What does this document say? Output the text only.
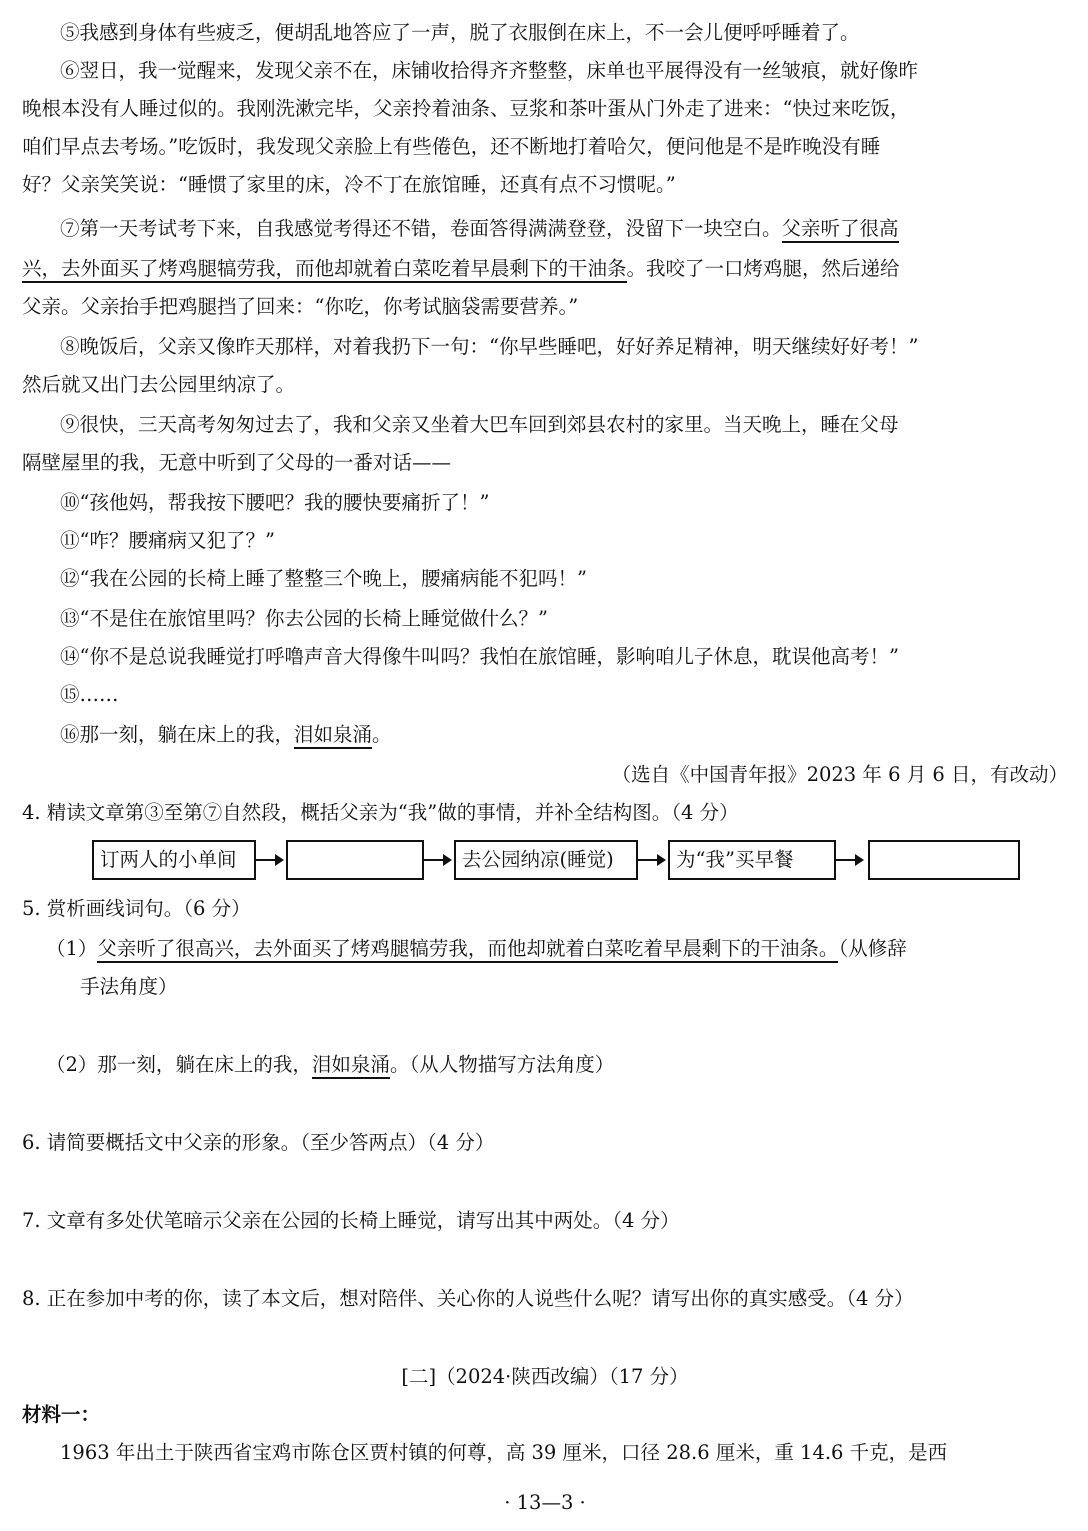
⑤我感到身体有些疲乏，便胡乱地答应了一声，脱了衣服倒在床上，不一会儿便呼呼睡着了。
⑥翌日，我一觉醒来，发现父亲不在，床铺收拾得齐齐整整，床单也平展得没有一丝皱痕，就好像昨
晚根本没有人睡过似的。我刚洗漱完毕，父亲拎着油条、豆浆和茶叶蛋从门外走了进来：“快过来吃饭，
咱们早点去考场。”吃饭时，我发现父亲脸上有些倦色，还不断地打着哈欠，便问他是不是昨晚没有睡
好？父亲笑笑说：“睡惯了家里的床，冷不丁在旅馆睡，还真有点不习惯呢。”
⑦第一天考试考下来，自我感觉考得还不错，卷面答得满满登登，没留下一块空白。父亲听了很高
兴，去外面买了烤鸡腿犒劳我，而他却就着白菜吃着早晨剩下的干油条。我咬了一口烤鸡腿，然后递给
父亲。父亲抬手把鸡腿挡了回来：“你吃，你考试脑袋需要营养。”
⑧晚饭后，父亲又像昨天那样，对着我扔下一句：“你早些睡吧，好好养足精神，明天继续好好考！”
然后就又出门去公园里纳凉了。
⑨很快，三天高考匆匆过去了，我和父亲又坐着大巴车回到郊县农村的家里。当天晚上，睡在父母
隔壁屋里的我，无意中听到了父母的一番对话——
⑩“孩他妈，帮我按下腰吧？我的腰快要痛折了！”
⑪“咋？腰痛病又犯了？”
⑫“我在公园的长椅上睡了整整三个晚上，腰痛病能不犯吗！”
⑬“不是住在旅馆里吗？你去公园的长椅上睡觉做什么？”
⑭“你不是总说我睡觉打呼噜声音大得像牛叫吗？我怕在旅馆睡，影响咱儿子休息，耽误他高考！”
⑮……
⑯那一刻，躺在床上的我，泪如泉涌。
（选自《中国青年报》2023 年 6 月 6 日，有改动）
4. 精读文章第③至第⑦自然段，概括父亲为“我”做的事情，并补全结构图。（4 分）
订两人的小单间	去公园纳凉(睡觉)	为“我”买早餐
5. 赏析画线词句。（6 分）
（1）父亲听了很高兴，去外面买了烤鸡腿犒劳我，而他却就着白菜吃着早晨剩下的干油条。（从修辞
手法角度）
（2）那一刻，躺在床上的我，泪如泉涌。（从人物描写方法角度）
6. 请简要概括文中父亲的形象。（至少答两点）（4 分）
7. 文章有多处伏笔暗示父亲在公园的长椅上睡觉，请写出其中两处。（4 分）
8. 正在参加中考的你，读了本文后，想对陪伴、关心你的人说些什么呢？请写出你的真实感受。（4 分）
[二]（2024·陕西改编）（17 分）
材料一：
1963 年出土于陕西省宝鸡市陈仓区贾村镇的何尊，高 39 厘米，口径 28.6 厘米，重 14.6 千克，是西
· 13—3 ·
